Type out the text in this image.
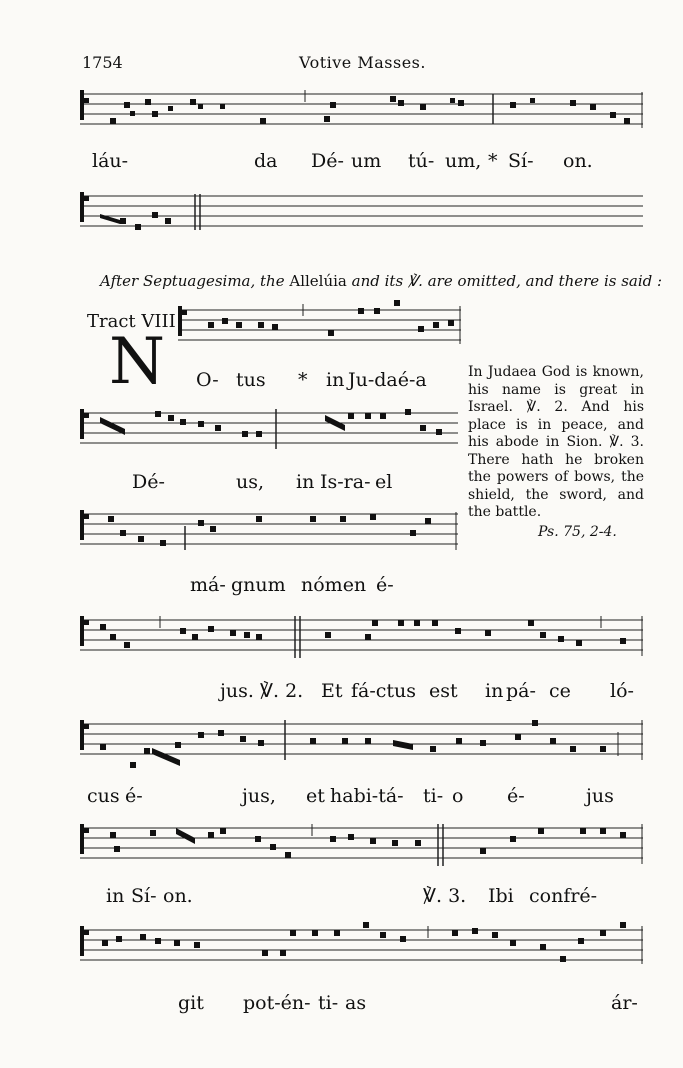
1754	Votive Masses.
láu-	da Dé- um tú- um, * Sí- on.
After Septuagesima, the Allelúia and its ℣. are omitted, and there is said :
Tract VIII
N O- tus * in Ju-daé-a	In Judaea God is known, his name is great in Israel. ℣. 2. And his place is in peace, and his abode in Sion. ℣. 3. There hath he broken the powers of bows, the shield, the sword, and the battle.
Ps. 75, 2-4.
Dé-	us, in Is-ra- el
má- gnum nómen é-
jus. ℣. 2. Et fá-ctus est in pá- ce ló-
cus é-	jus, et habi-tá- ti- o é-	jus
in Sí- on.	℣. 3. Ibi confré-
git pot-én- ti- as	ár-
